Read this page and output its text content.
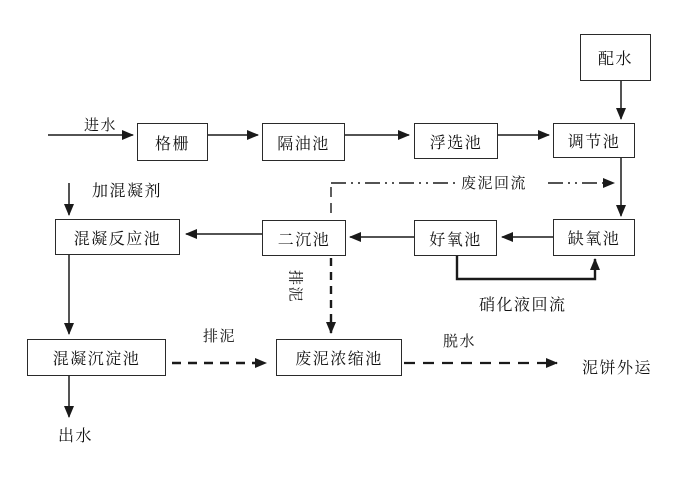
配水
格栅	隔油池	浮选池	调节池
混凝反应池	二沉池	好氧池	缺氧池
混凝沉淀池	废泥浓缩池
进水
加混凝剂	废泥回流
硝化液回流
排泥
排泥	脱水
泥饼外运
出水
